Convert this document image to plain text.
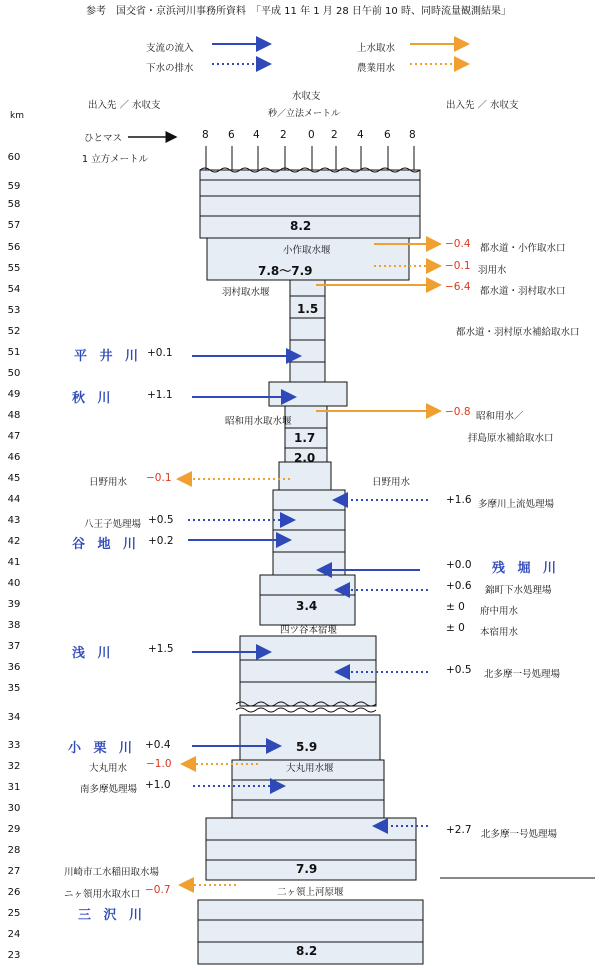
参考　国交省・京浜河川事務所資料　「平成 11 年 1 月 28 日午前 10 時、同時流量観測結果」
支流の流入
下水の排水
上水取水
農業用水
出入先 ／ 水収支
水収支
秒／立法メートル
出入先 ／ 水収支
km
ひとマス
1 立方メートル
8 6 4 2 0 2 4 6 8
60
59
58
57
56
55
54
53
52
51
50
49
48
47
46
45
44
43
42
41
40
39
38
37
36
35
34
33
32
31
30
29
28
27
26
25
24
23
8.2
7.8〜7.9
1.5
1.7
2.0
3.4
5.9
7.9
8.2
小作取水堰
羽村取水堰
昭和用水取水堰
日野用水
四ツ谷本宿堰
大丸用水堰
二ヶ領上河原堰
平 井 川 +0.1
秋 川	+1.1
日野用水 −0.1
八王子処理場 +0.5
谷 地 川 +0.2
浅 川	+1.5
小 栗 川 +0.4
大丸用水 −1.0
南多摩処理場 +1.0
川崎市工水稲田取水場
ニヶ領用水取水口 −0.7
三 沢 川
−0.4 都水道・小作取水口
−0.1 羽用水
−6.4 都水道・羽村取水口
都水道・羽村原水補給取水口
−0.8 昭和用水／
拝島原水補給取水口
+1.6 多摩川上流処理場
+0.0 残 堀 川
+0.6 錦町下水処理場
± 0 府中用水
± 0 本宿用水
+0.5 北多摩一号処理場
+2.7 北多摩一号処理場
